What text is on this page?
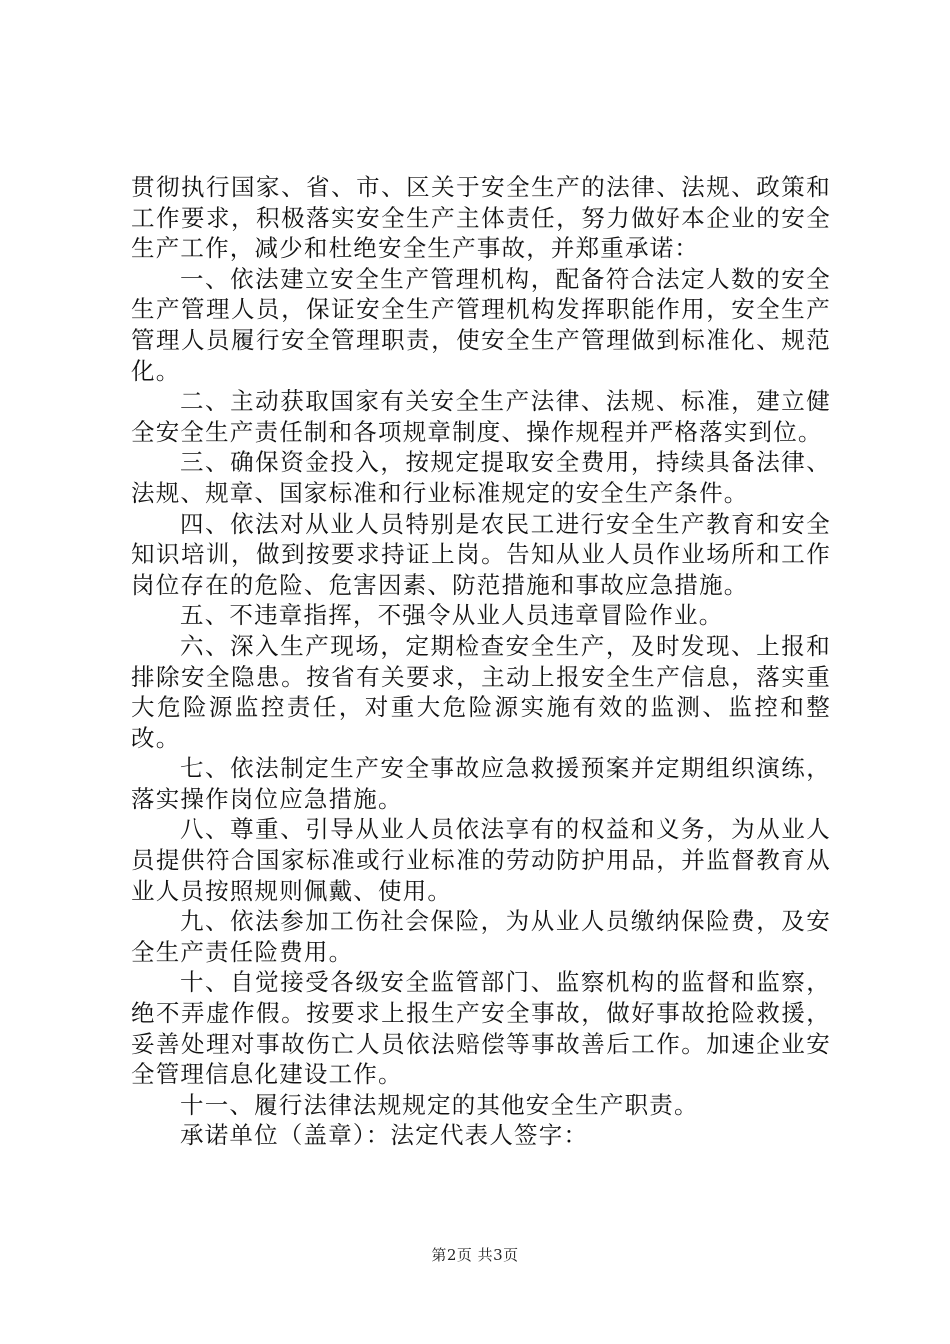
贯彻执行国家、省、市、区关于安全生产的法律、法规、政策和工作要求，积极落实安全生产主体责任，努力做好本企业的安全生产工作，减少和杜绝安全生产事故，并郑重承诺：

一、依法建立安全生产管理机构，配备符合法定人数的安全生产管理人员，保证安全生产管理机构发挥职能作用，安全生产管理人员履行安全管理职责，使安全生产管理做到标准化、规范化。

二、主动获取国家有关安全生产法律、法规、标准，建立健全安全生产责任制和各项规章制度、操作规程并严格落实到位。

三、确保资金投入，按规定提取安全费用，持续具备法律、法规、规章、国家标准和行业标准规定的安全生产条件。

四、依法对从业人员特别是农民工进行安全生产教育和安全知识培训，做到按要求持证上岗。告知从业人员作业场所和工作岗位存在的危险、危害因素、防范措施和事故应急措施。

五、不违章指挥，不强令从业人员违章冒险作业。

六、深入生产现场，定期检查安全生产，及时发现、上报和排除安全隐患。按省有关要求，主动上报安全生产信息，落实重大危险源监控责任，对重大危险源实施有效的监测、监控和整改。

七、依法制定生产安全事故应急救援预案并定期组织演练，落实操作岗位应急措施。

八、尊重、引导从业人员依法享有的权益和义务，为从业人员提供符合国家标准或行业标准的劳动防护用品，并监督教育从业人员按照规则佩戴、使用。

九、依法参加工伤社会保险，为从业人员缴纳保险费，及安全生产责任险费用。

十、自觉接受各级安全监管部门、监察机构的监督和监察，绝不弄虚作假。按要求上报生产安全事故，做好事故抢险救援，妥善处理对事故伤亡人员依法赔偿等事故善后工作。加速企业安全管理信息化建设工作。

十一、履行法律法规规定的其他安全生产职责。

承诺单位（盖章）：法定代表人签字：

第2页 共3页
